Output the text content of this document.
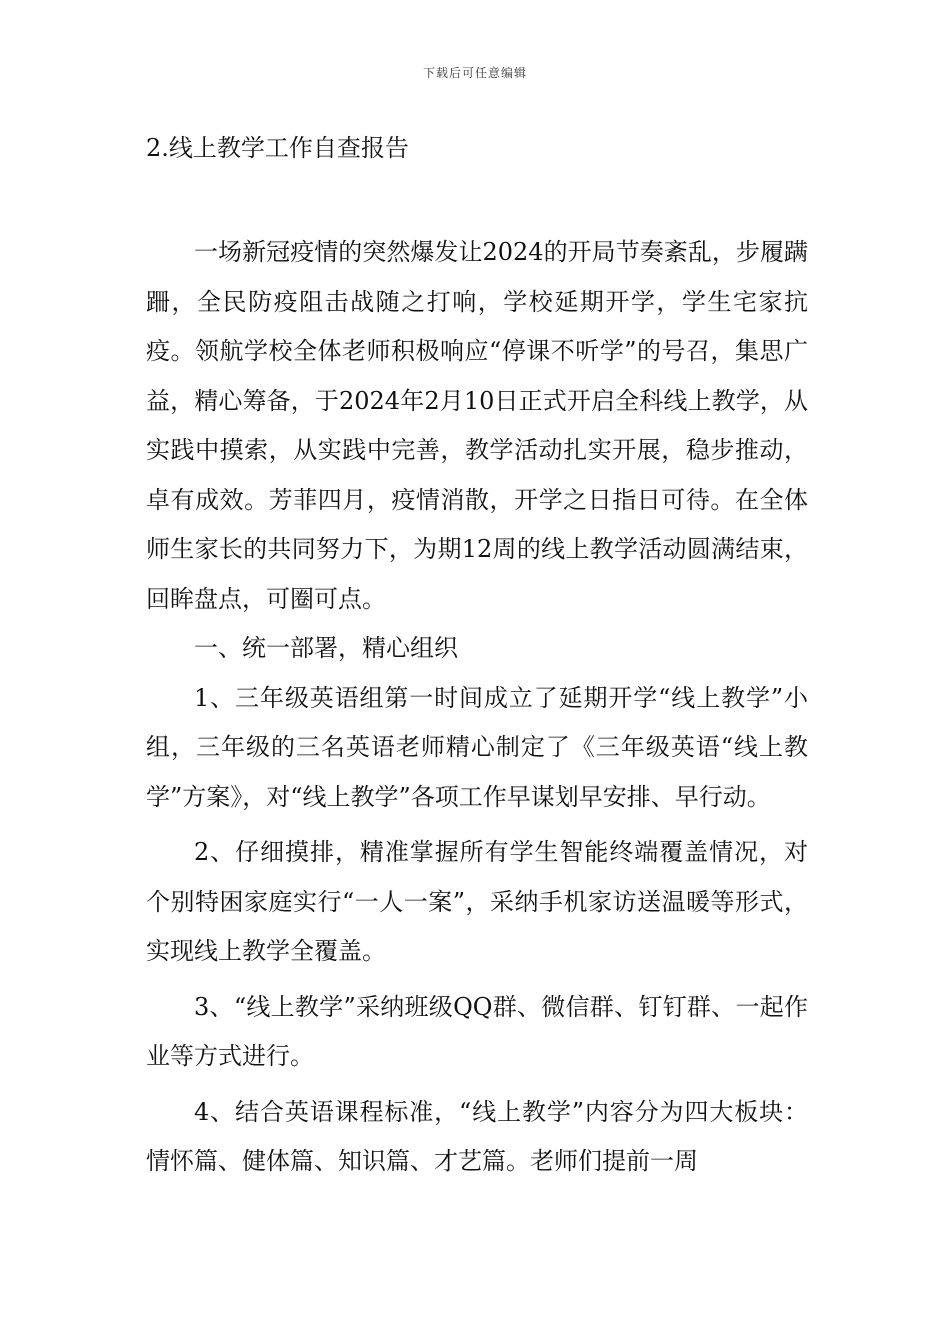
下载后可任意编辑
2.线上教学工作自查报告

一场新冠疫情的突然爆发让2024的开局节奏紊乱，步履蹒跚，全民防疫阻击战随之打响，学校延期开学，学生宅家抗疫。领航学校全体老师积极响应“停课不听学”的号召，集思广益，精心筹备，于2024年2月10日正式开启全科线上教学，从实践中摸索，从实践中完善，教学活动扎实开展，稳步推动，卓有成效。芳菲四月，疫情消散，开学之日指日可待。在全体师生家长的共同努力下，为期12周的线上教学活动圆满结束，回眸盘点，可圈可点。

一、统一部署，精心组织

1、三年级英语组第一时间成立了延期开学“线上教学”小组，三年级的三名英语老师精心制定了《三年级英语“线上教学”方案》，对“线上教学”各项工作早谋划早安排、早行动。

2、仔细摸排，精准掌握所有学生智能终端覆盖情况，对个别特困家庭实行“一人一案”，采纳手机家访送温暖等形式，实现线上教学全覆盖。

3、“线上教学”采纳班级QQ群、微信群、钉钉群、一起作业等方式进行。

4、结合英语课程标准，“线上教学”内容分为四大板块：情怀篇、健体篇、知识篇、才艺篇。老师们提前一周
